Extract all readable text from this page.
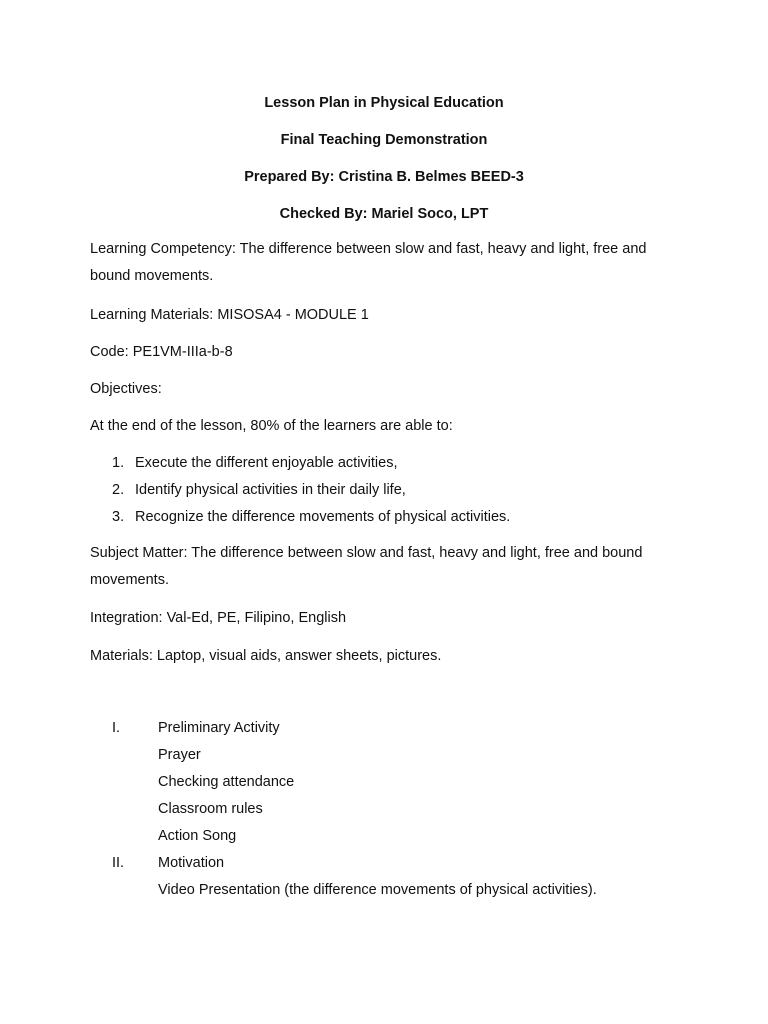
Lesson Plan in Physical Education
Final Teaching Demonstration
Prepared By: Cristina B. Belmes BEED-3
Checked By: Mariel Soco, LPT
Learning Competency: The difference between slow and fast, heavy and light, free and bound movements.
Learning Materials: MISOSA4 - MODULE 1
Code: PE1VM-IIIa-b-8
Objectives:
At the end of the lesson, 80% of the learners are able to:
1. Execute the different enjoyable activities,
2. Identify physical activities in their daily life,
3. Recognize the difference movements of physical activities.
Subject Matter: The difference between slow and fast, heavy and light, free and bound movements.
Integration: Val-Ed, PE, Filipino, English
Materials: Laptop, visual aids, answer sheets, pictures.
I.	Preliminary Activity
Prayer
Checking attendance
Classroom rules
Action Song
II. Motivation
Video Presentation (the difference movements of physical activities).
